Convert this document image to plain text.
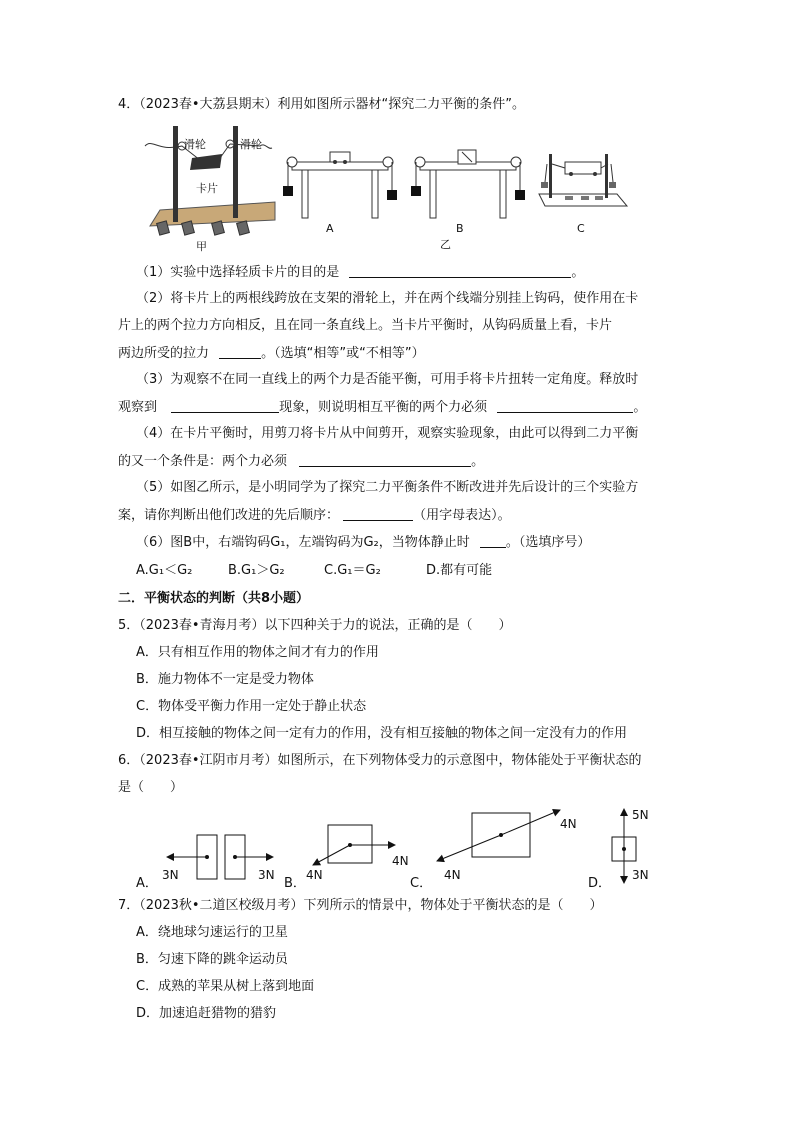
4．（2023春•大荔县期末）利用如图所示器材“探究二力平衡的条件”。
滑轮	滑轮
卡片
甲
A	B	C
乙
（1）实验中选择轻质卡片的目的是	。
（2）将卡片上的两根线跨放在支架的滑轮上，并在两个线端分别挂上钩码，使作用在卡
片上的两个拉力方向相反，且在同一条直线上。当卡片平衡时，从钩码质量上看，卡片
两边所受的拉力	。（选填“相等”或“不相等”）
（3）为观察不在同一直线上的两个力是否能平衡，可用手将卡片扭转一定角度。释放时
观察到	现象，则说明相互平衡的两个力必须	。
（4）在卡片平衡时，用剪刀将卡片从中间剪开，观察实验现象，由此可以得到二力平衡
的又一个条件是：两个力必须	。
（5）如图乙所示，是小明同学为了探究二力平衡条件不断改进并先后设计的三个实验方
案，请你判断出他们改进的先后顺序：	（用字母表达）。
（6）图B中，右端钩码G₁，左端钩码为G₂，当物体静止时	。（选填序号）
A.G₁＜G₂	B.G₁＞G₂	C.G₁＝G₂	D.都有可能
二．平衡状态的判断（共8小题）
5．（2023春•青海月考）以下四种关于力的说法，正确的是（　　）
A．只有相互作用的物体之间才有力的作用
B．施力物体不一定是受力物体
C．物体受平衡力作用一定处于静止状态
D．相互接触的物体之间一定有力的作用，没有相互接触的物体之间一定没有力的作用
6．（2023春•江阴市月考）如图所示，在下列物体受力的示意图中，物体能处于平衡状态的
是（　　）
A．
3N	3N
B．
4N
4N
C．
4N
4N
D．
5N
3N
7．（2023秋•二道区校级月考）下列所示的情景中，物体处于平衡状态的是（　　）
A．绕地球匀速运行的卫星
B．匀速下降的跳伞运动员
C．成熟的苹果从树上落到地面
D．加速追赶猎物的猎豹
